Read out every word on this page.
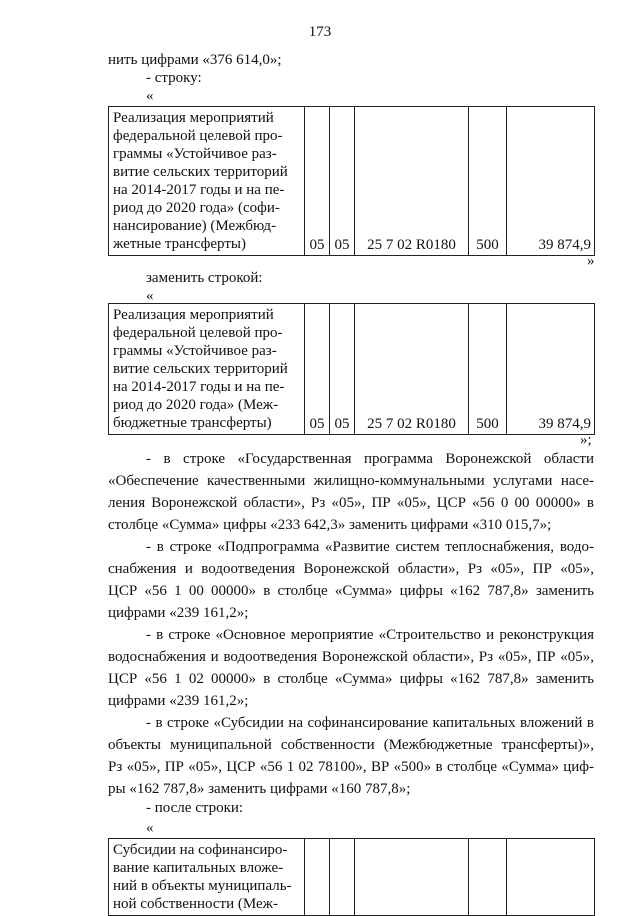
173
нить цифрами «376 614,0»;
- строку:
«
Реализация мероприятий
федеральной целевой про-
граммы «Устойчивое раз-
витие сельских территорий
на 2014-2017 годы и на пе-
риод до 2020 года» (софи-
нансирование) (Межбюд-
жетные трансферты)	05	05	25 7 02 R0180	500	39 874,9
»
заменить строкой:
«
Реализация мероприятий
федеральной целевой про-
граммы «Устойчивое раз-
витие сельских территорий
на 2014-2017 годы и на пе-
риод до 2020 года» (Меж-
бюджетные трансферты)	05	05	25 7 02 R0180	500	39 874,9
»;
- в строке «Государственная программа Воронежской области
«Обеспечение качественными жилищно-коммунальными услугами насе-
ления Воронежской области», Рз «05», ПР «05», ЦСР «56 0 00 00000» в
столбце «Сумма» цифры «233 642,3» заменить цифрами «310 015,7»;
- в строке «Подпрограмма «Развитие систем теплоснабжения, водо-
снабжения и водоотведения Воронежской области», Рз «05», ПР «05»,
ЦСР «56 1 00 00000» в столбце «Сумма» цифры «162 787,8» заменить
цифрами «239 161,2»;
- в строке «Основное мероприятие «Строительство и реконструкция
водоснабжения и водоотведения Воронежской области», Рз «05», ПР «05»,
ЦСР «56 1 02 00000» в столбце «Сумма» цифры «162 787,8» заменить
цифрами «239 161,2»;
- в строке «Субсидии на софинансирование капитальных вложений в
объекты муниципальной собственности (Межбюджетные трансферты)»,
Рз «05», ПР «05», ЦСР «56 1 02 78100», ВР «500» в столбце «Сумма» циф-
ры «162 787,8» заменить цифрами «160 787,8»;
- после строки:
«
Субсидии на софинансиро-
вание капитальных вложе-
ний в объекты муниципаль-
ной собственности (Меж-
